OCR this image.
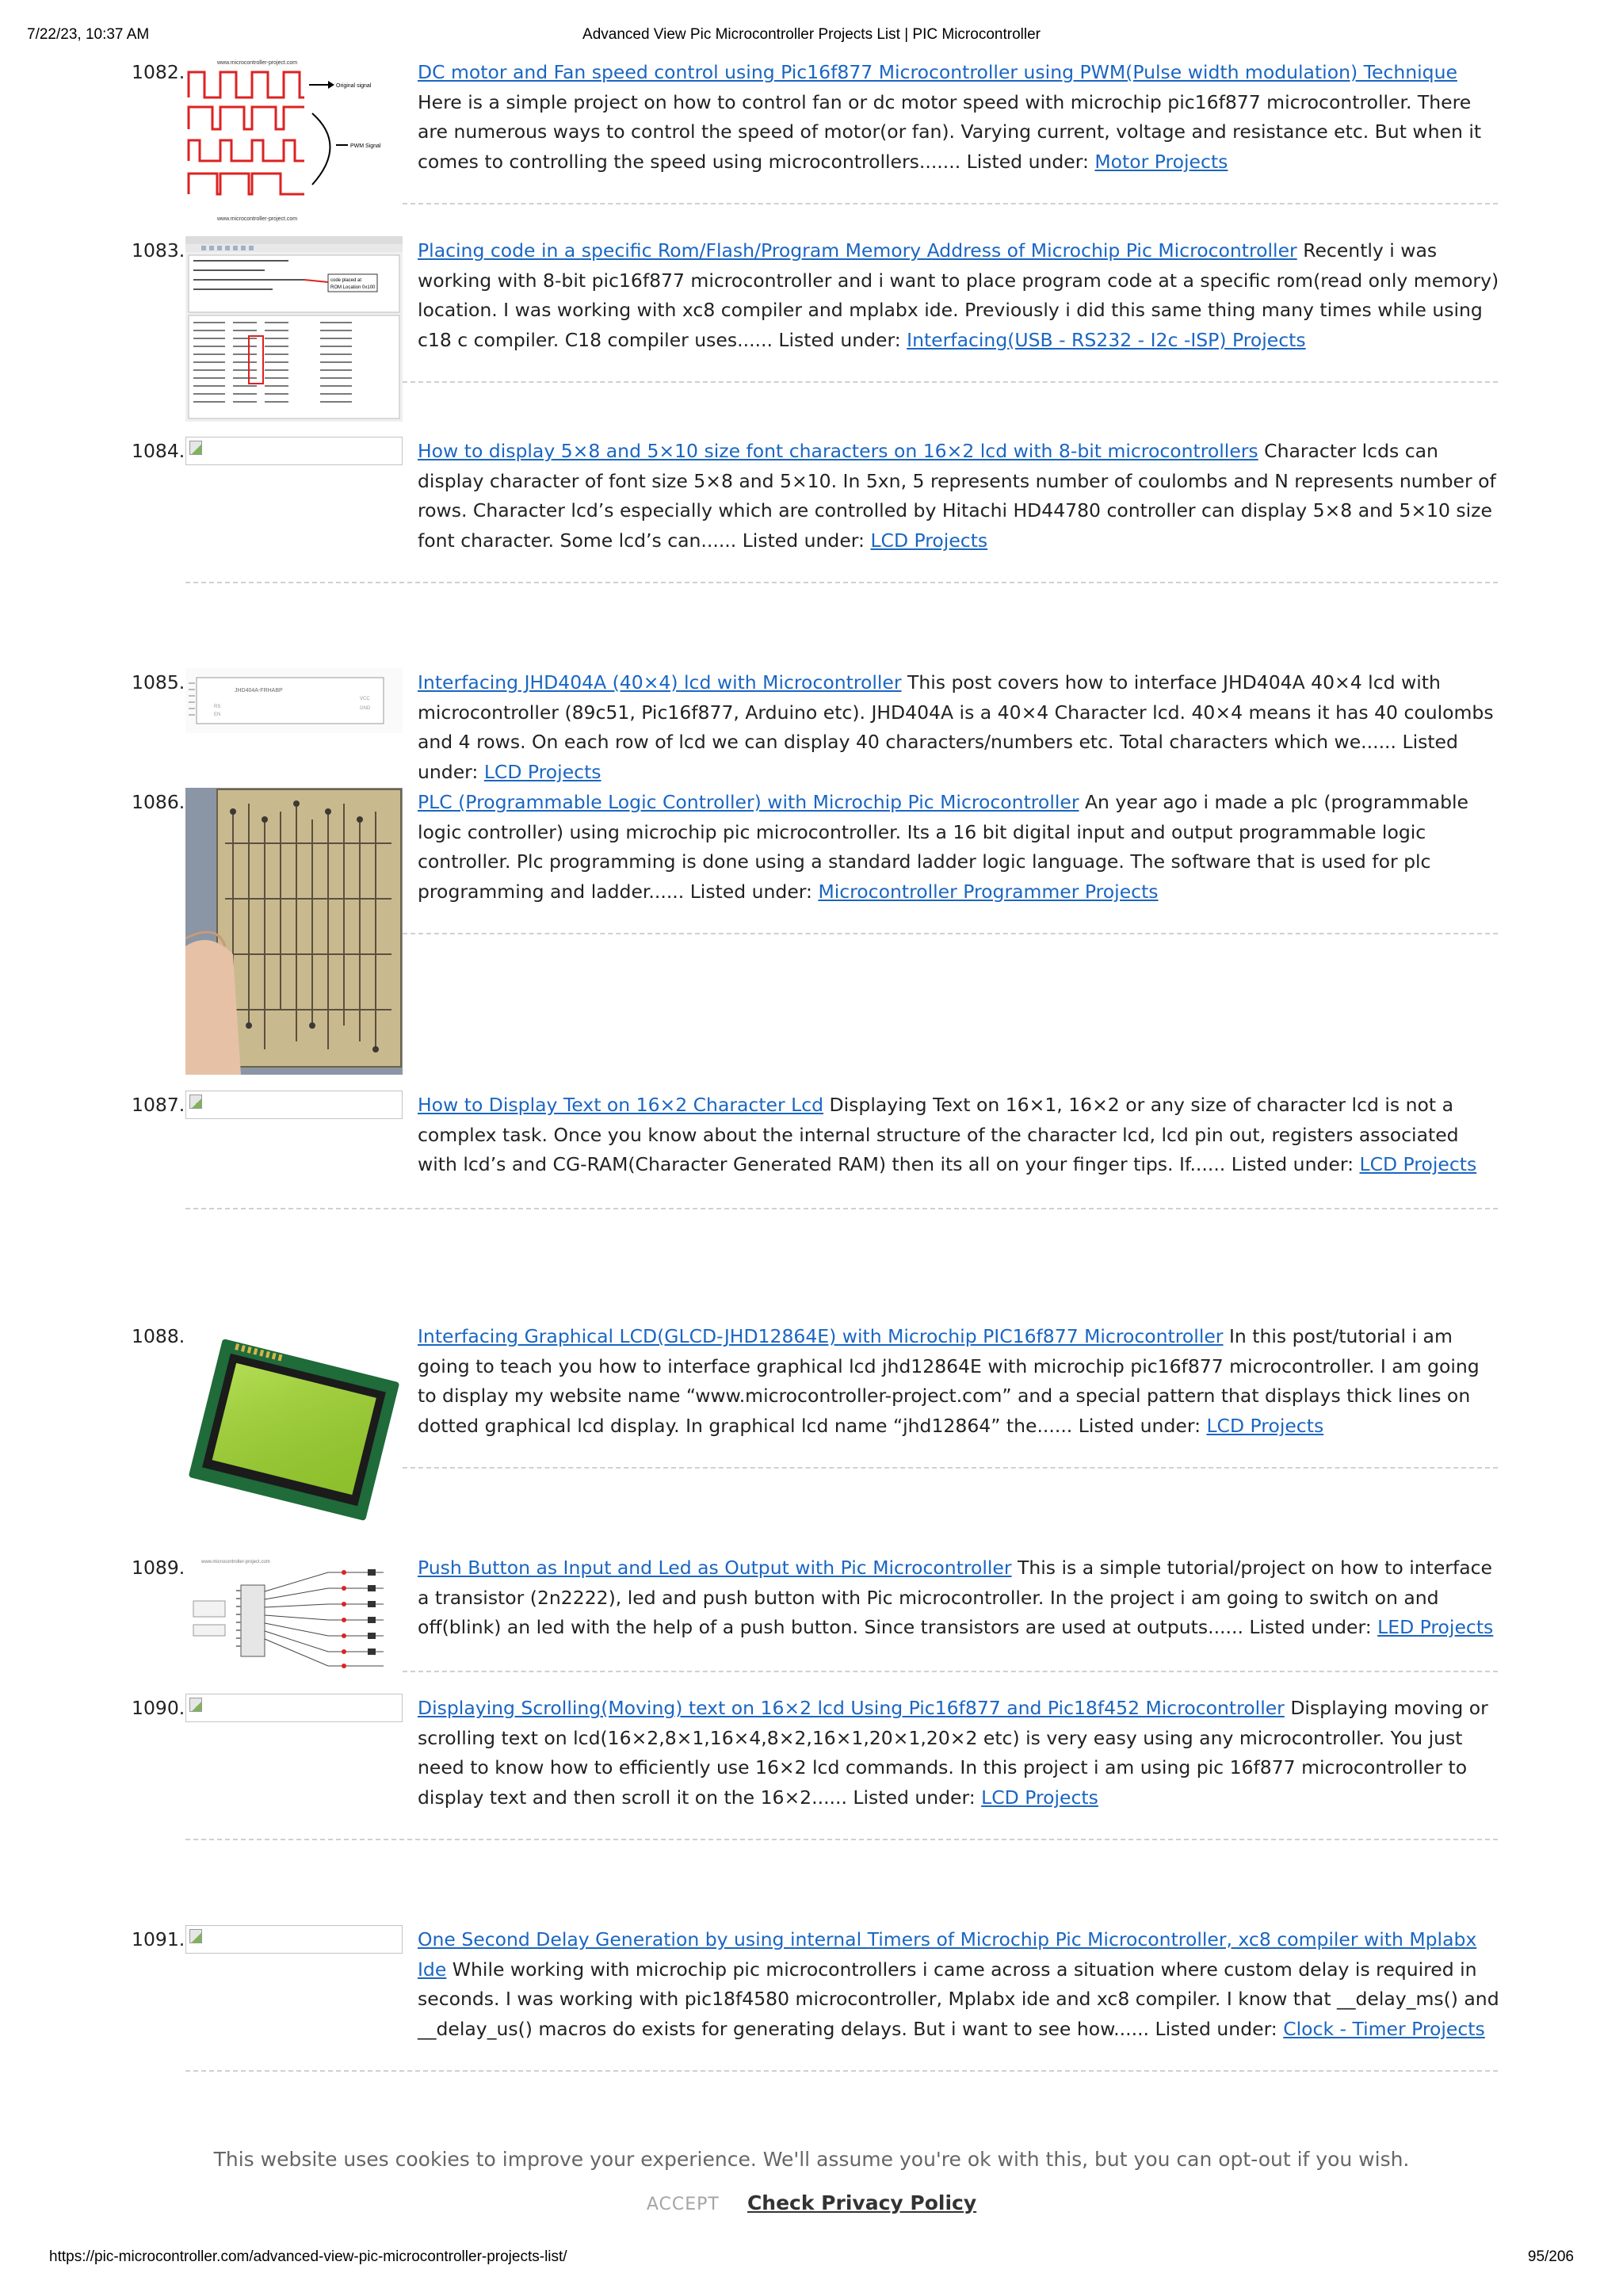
7/22/23, 10:37 AM	Advanced View Pic Microcontroller Projects List | PIC Microcontroller
1082.	www.microcontroller-project.com
Original signal
PWM Signal
www.microcontroller-project.com
DC motor and Fan speed control using Pic16f877 Microcontroller using PWM(Pulse width modulation) Technique Here is a simple project on how to control fan or dc motor speed with microchip pic16f877 microcontroller. There are numerous ways to control the speed of motor(or fan). Varying current, voltage and resistance etc. But when it comes to controlling the speed using microcontrollers....... Listed under: Motor Projects
1083.
code placed at
ROM Location 0x100
Placing code in a specific Rom/Flash/Program Memory Address of Microchip Pic Microcontroller Recently i was working with 8-bit pic16f877 microcontroller and i want to place program code at a specific rom(read only memory) location. I was working with xc8 compiler and mplabx ide. Previously i did this same thing many times while using c18 c compiler. C18 compiler uses...... Listed under: Interfacing(USB - RS232 - I2c -ISP) Projects
1084.	How to display 5×8 and 5×10 size font characters on 16×2 lcd with 8-bit microcontrollers Character lcds can display character of font size 5×8 and 5×10. In 5xn, 5 represents number of coulombs and N represents number of rows. Character lcd’s especially which are controlled by Hitachi HD44780 controller can display 5×8 and 5×10 size font character. Some lcd’s can...... Listed under: LCD Projects
1085.	JHD404A-FRHABP
RS
EN
VCC
GND
Interfacing JHD404A (40×4) lcd with Microcontroller This post covers how to interface JHD404A 40×4 lcd with microcontroller (89c51, Pic16f877, Arduino etc). JHD404A is a 40×4 Character lcd. 40×4 means it has 40 coulombs and 4 rows. On each row of lcd we can display 40 characters/numbers etc. Total characters which we...... Listed under: LCD Projects
1086.	PLC (Programmable Logic Controller) with Microchip Pic Microcontroller An year ago i made a plc (programmable logic controller) using microchip pic microcontroller. Its a 16 bit digital input and output programmable logic controller. Plc programming is done using a standard ladder logic language. The software that is used for plc programming and ladder...... Listed under: Microcontroller Programmer Projects
1087.	How to Display Text on 16×2 Character Lcd Displaying Text on 16×1, 16×2 or any size of character lcd is not a complex task. Once you know about the internal structure of the character lcd, lcd pin out, registers associated with lcd’s and CG-RAM(Character Generated RAM) then its all on your finger tips. If...... Listed under: LCD Projects
1088.	Interfacing Graphical LCD(GLCD-JHD12864E) with Microchip PIC16f877 Microcontroller In this post/tutorial i am going to teach you how to interface graphical lcd jhd12864E with microchip pic16f877 microcontroller. I am going to display my website name “www.microcontroller-project.com” and a special pattern that displays thick lines on dotted graphical lcd display. In graphical lcd name “jhd12864” the...... Listed under: LCD Projects
1089.	www.microcontroller-project.com	Push Button as Input and Led as Output with Pic Microcontroller This is a simple tutorial/project on how to interface a transistor (2n2222), led and push button with Pic microcontroller. In the project i am going to switch on and off(blink) an led with the help of a push button. Since transistors are used at outputs...... Listed under: LED Projects
1090.	Displaying Scrolling(Moving) text on 16×2 lcd Using Pic16f877 and Pic18f452 Microcontroller Displaying moving or scrolling text on lcd(16×2,8×1,16×4,8×2,16×1,20×1,20×2 etc) is very easy using any microcontroller. You just need to know how to efficiently use 16×2 lcd commands. In this project i am using pic 16f877 microcontroller to display text and then scroll it on the 16×2...... Listed under: LCD Projects
1091.	One Second Delay Generation by using internal Timers of Microchip Pic Microcontroller, xc8 compiler with Mplabx Ide While working with microchip pic microcontrollers i came across a situation where custom delay is required in seconds. I was working with pic18f4580 microcontroller, Mplabx ide and xc8 compiler. I know that __delay_ms() and __delay_us() macros do exists for generating delays. But i want to see how...... Listed under: Clock - Timer Projects
This website uses cookies to improve your experience. We'll assume you're ok with this, but you can opt-out if you wish.
ACCEPT Check Privacy Policy
https://pic-microcontroller.com/advanced-view-pic-microcontroller-projects-list/	95/206
